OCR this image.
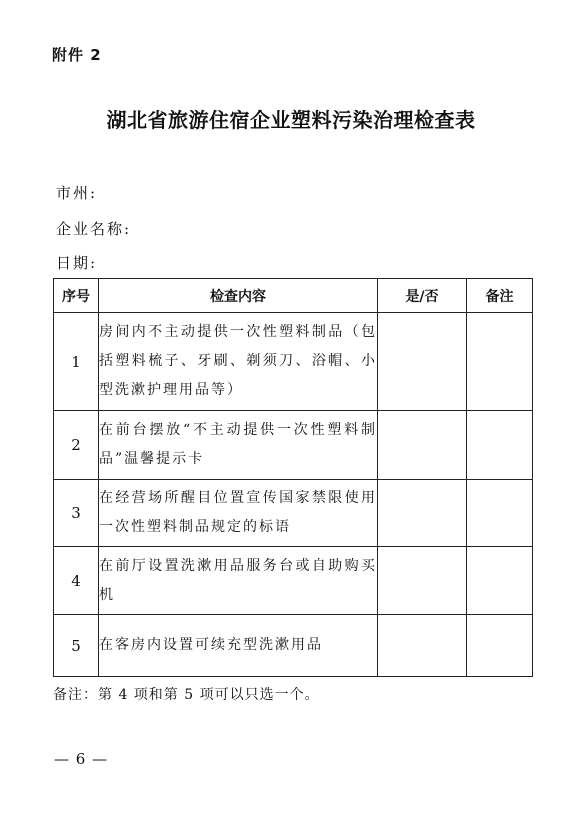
附件 2
湖北省旅游住宿企业塑料污染治理检查表
市州:
企业名称:
日期:
序号	检查内容	是/否	备注
1	房间内不主动提供一次性塑料制品（包括塑料梳子、牙刷、剃须刀、浴帽、小型洗漱护理用品等）		
2	在前台摆放“不主动提供一次性塑料制品”温馨提示卡		
3	在经营场所醒目位置宣传国家禁限使用一次性塑料制品规定的标语		
4	在前厅设置洗漱用品服务台或自助购买机		
5	在客房内设置可续充型洗漱用品		
备注：第 4 项和第 5 项可以只选一个。
— 6 —
